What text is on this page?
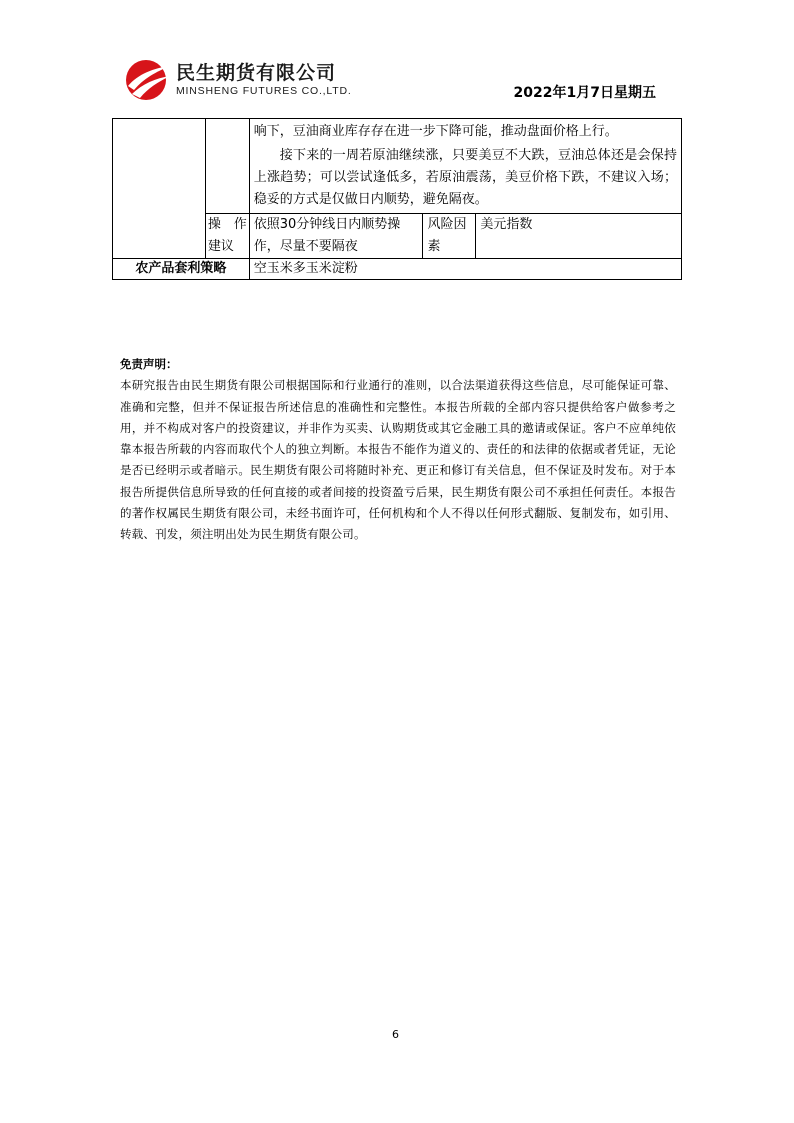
民生期货有限公司
MINSHENG FUTURES CO.,LTD.	2022年1月7日星期五

		响下，豆油商业库存存在进一步下降可能，推动盘面价格上行。
接下来的一周若原油继续涨，只要美豆不大跌，豆油总体还是会保持上涨趋势；可以尝试逢低多，若原油震荡，美豆价格下跌，不建议入场；稳妥的方式是仅做日内顺势，避免隔夜。		

	操作建议	依照30分钟线日内顺势操作，尽量不要隔夜	风险因素	美元指数
农产品套利策略		空玉米多玉米淀粉		
免责声明：
本研究报告由民生期货有限公司根据国际和行业通行的准则，以合法渠道获得这些信息，尽可能保证可靠、准确和完整，但并不保证报告所述信息的准确性和完整性。本报告所载的全部内容只提供给客户做参考之用，并不构成对客户的投资建议，并非作为买卖、认购期货或其它金融工具的邀请或保证。客户不应单纯依靠本报告所载的内容而取代个人的独立判断。本报告不能作为道义的、责任的和法律的依据或者凭证，无论是否已经明示或者暗示。民生期货有限公司将随时补充、更正和修订有关信息，但不保证及时发布。对于本报告所提供信息所导致的任何直接的或者间接的投资盈亏后果，民生期货有限公司不承担任何责任。本报告的著作权属民生期货有限公司，未经书面许可，任何机构和个人不得以任何形式翻版、复制发布，如引用、转载、刊发，须注明出处为民生期货有限公司。
6
